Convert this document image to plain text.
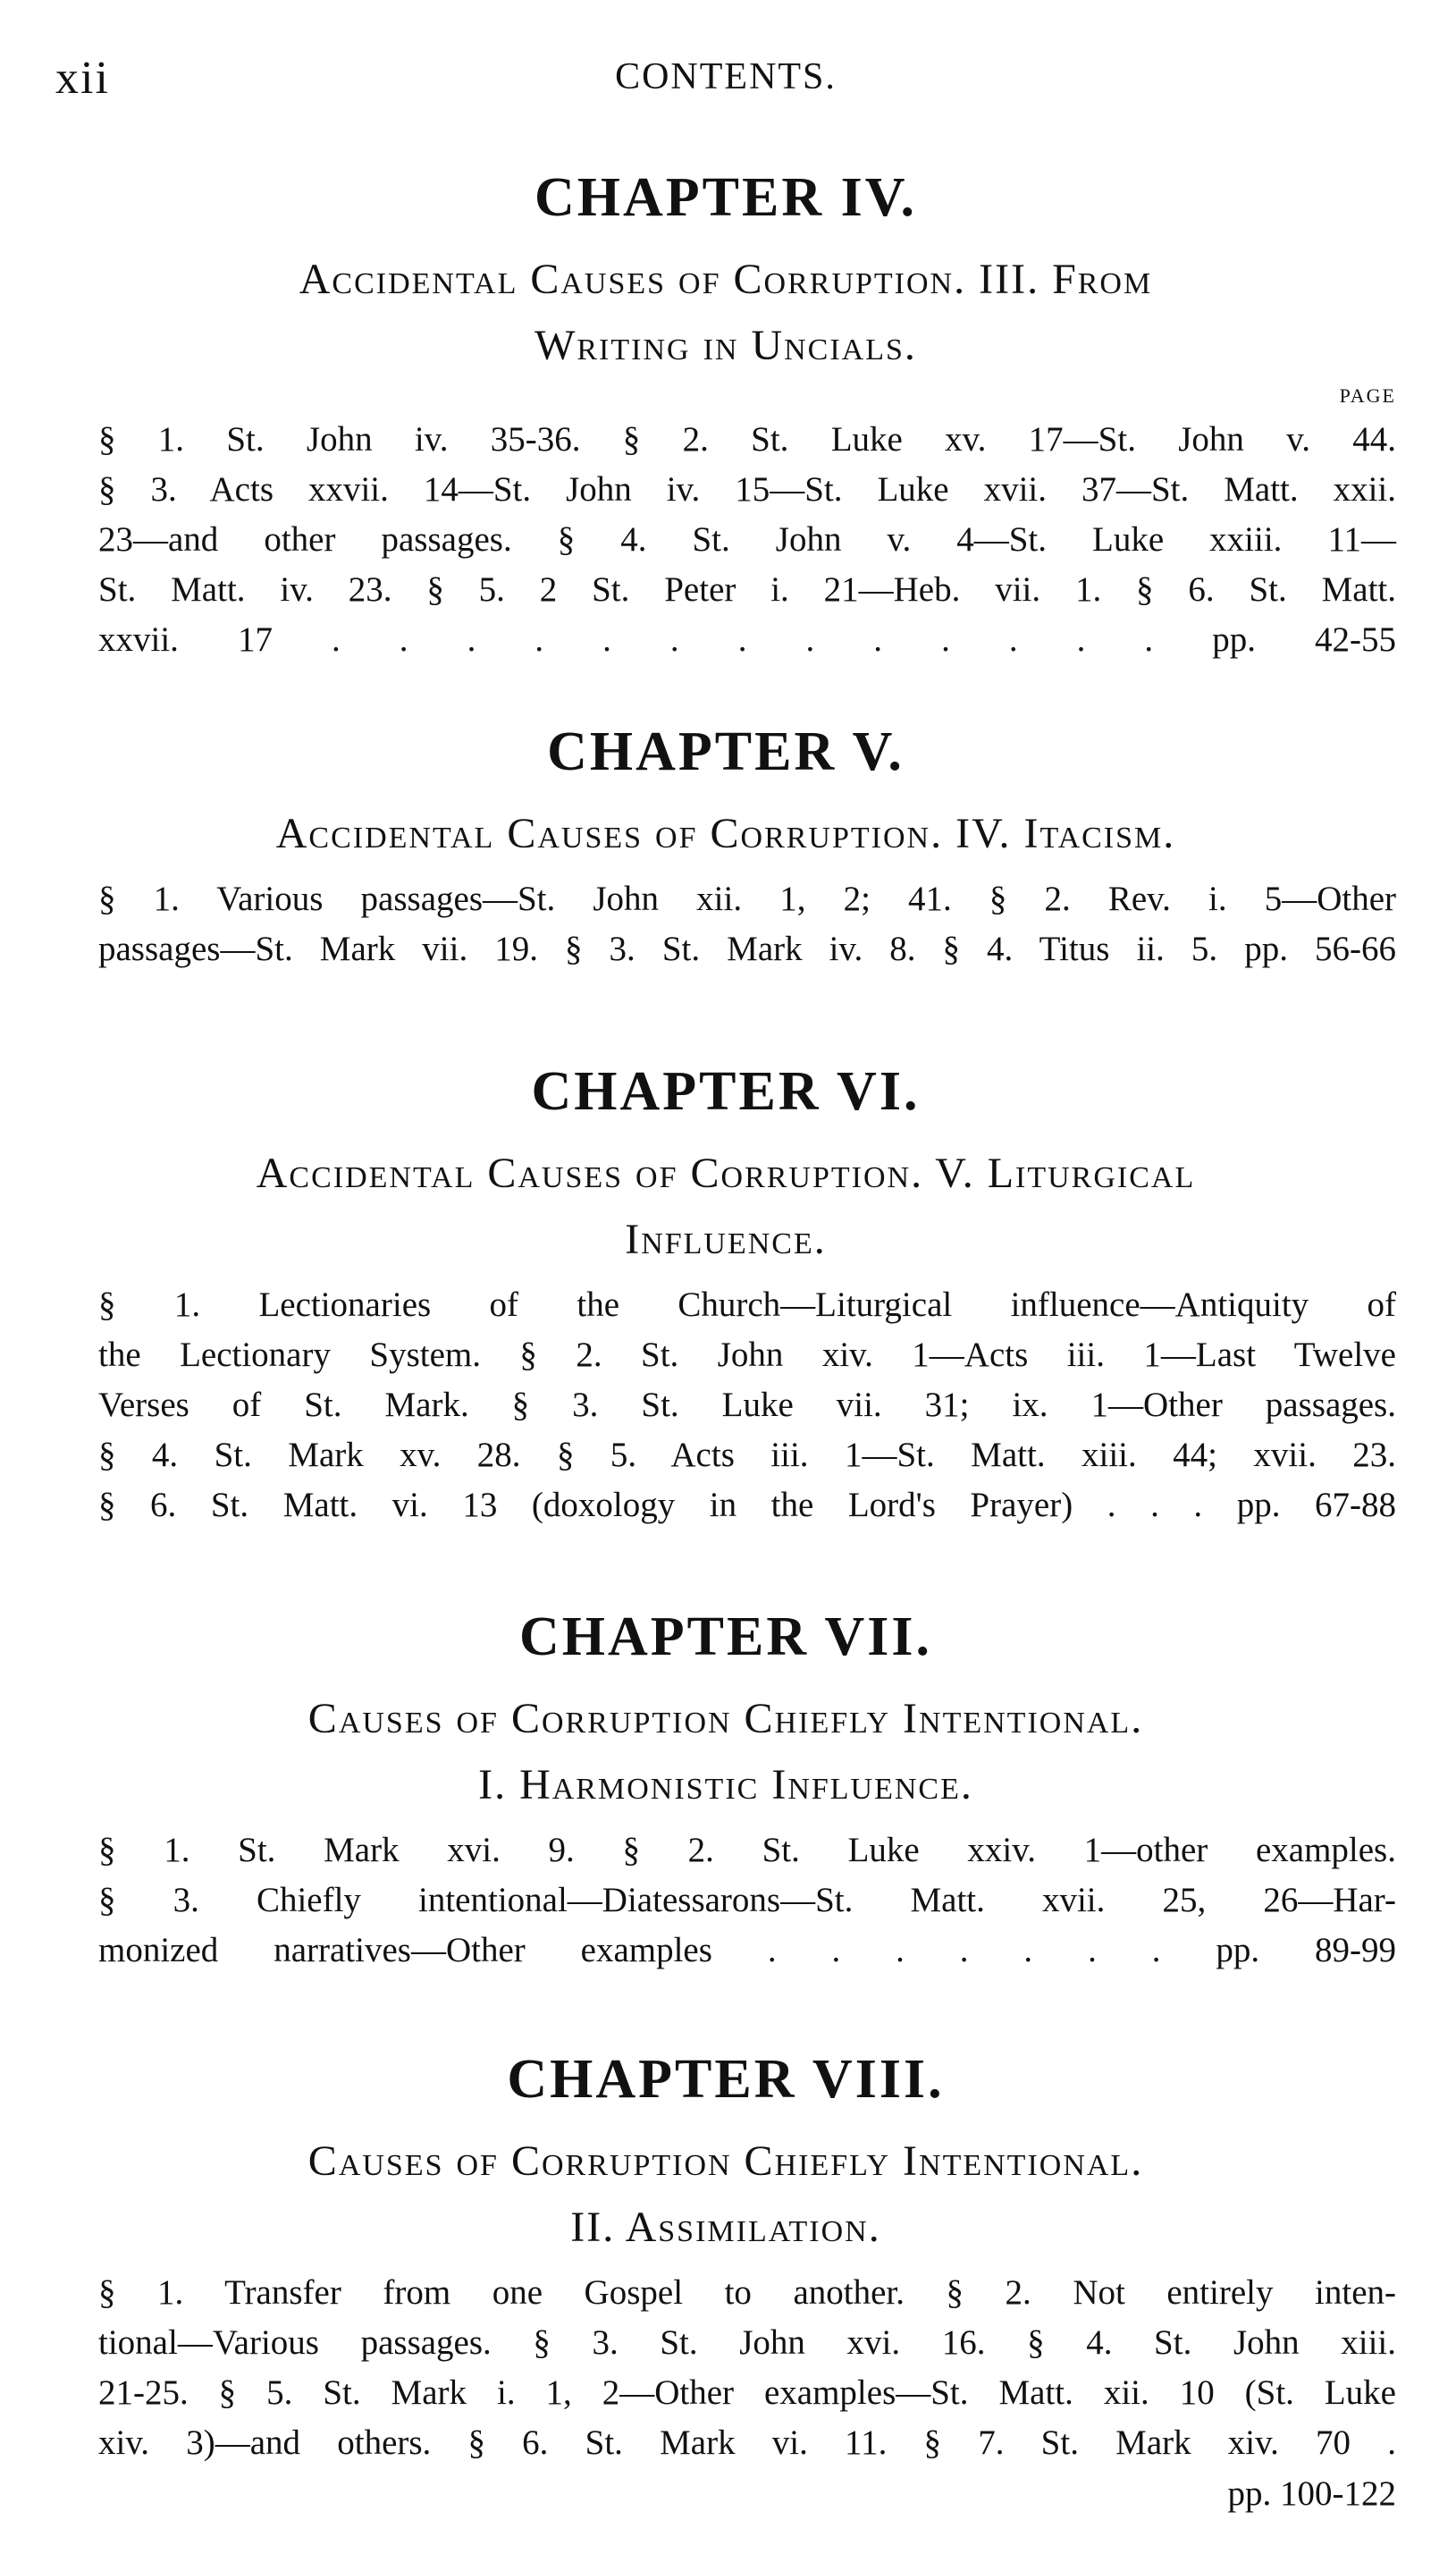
xii	CONTENTS.
CHAPTER IV.
Accidental Causes of Corruption. III. From
Writing in Uncials.
PAGE
§ 1. St. John iv. 35-36. § 2. St. Luke xv. 17—St. John v. 44.
§ 3. Acts xxvii. 14—St. John iv. 15—St. Luke xvii. 37—St. Matt. xxii.
23—and other passages. § 4. St. John v. 4—St. Luke xxiii. 11—
St. Matt. iv. 23. § 5. 2 St. Peter i. 21—Heb. vii. 1. § 6. St. Matt.
xxvii. 17 . . . . . . . . . . . . . pp. 42-55
CHAPTER V.
Accidental Causes of Corruption. IV. Itacism.
§ 1. Various passages—St. John xii. 1, 2; 41. § 2. Rev. i. 5—Other
passages—St. Mark vii. 19. § 3. St. Mark iv. 8. § 4. Titus ii. 5. pp. 56-66
CHAPTER VI.
Accidental Causes of Corruption. V. Liturgical
Influence.
§ 1. Lectionaries of the Church—Liturgical influence—Antiquity of
the Lectionary System. § 2. St. John xiv. 1—Acts iii. 1—Last Twelve
Verses of St. Mark. § 3. St. Luke vii. 31; ix. 1—Other passages.
§ 4. St. Mark xv. 28. § 5. Acts iii. 1—St. Matt. xiii. 44; xvii. 23.
§ 6. St. Matt. vi. 13 (doxology in the Lord's Prayer) . . . pp. 67-88
CHAPTER VII.
Causes of Corruption Chiefly Intentional.
I. Harmonistic Influence.
§ 1. St. Mark xvi. 9. § 2. St. Luke xxiv. 1—other examples.
§ 3. Chiefly intentional—Diatessarons—St. Matt. xvii. 25, 26—Har-
monized narratives—Other examples . . . . . . . pp. 89-99
CHAPTER VIII.
Causes of Corruption Chiefly Intentional.
II. Assimilation.
§ 1. Transfer from one Gospel to another. § 2. Not entirely inten-
tional—Various passages. § 3. St. John xvi. 16. § 4. St. John xiii.
21-25. § 5. St. Mark i. 1, 2—Other examples—St. Matt. xii. 10 (St. Luke
xiv. 3)—and others. § 6. St. Mark vi. 11. § 7. St. Mark xiv. 70 .
pp. 100-122
